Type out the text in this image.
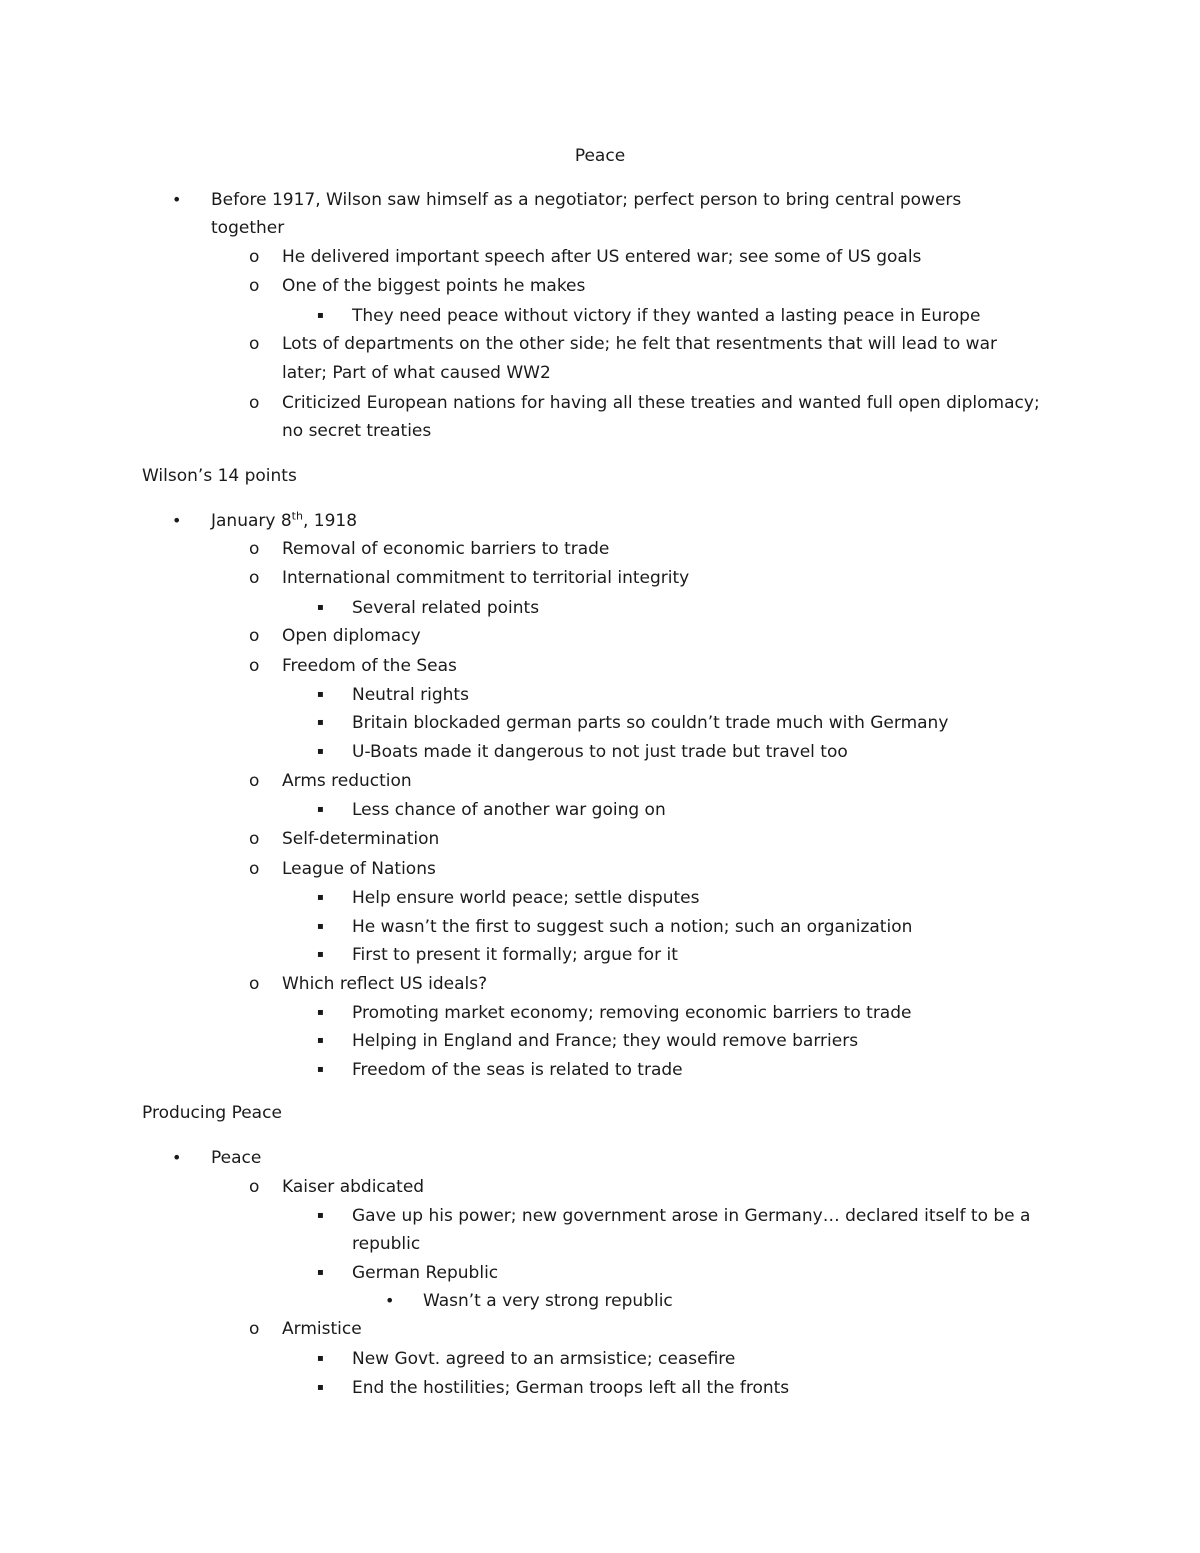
Peace
• Before 1917, Wilson saw himself as a negotiator; perfect person to bring central powers
together
o He delivered important speech after US entered war; see some of US goals
o One of the biggest points he makes
▪ They need peace without victory if they wanted a lasting peace in Europe
o Lots of departments on the other side; he felt that resentments that will lead to war
later; Part of what caused WW2
o Criticized European nations for having all these treaties and wanted full open diplomacy;
no secret treaties
Wilson’s 14 points
• January 8th, 1918
o Removal of economic barriers to trade
o International commitment to territorial integrity
▪ Several related points
o Open diplomacy
o Freedom of the Seas
▪ Neutral rights
▪ Britain blockaded german parts so couldn’t trade much with Germany
▪ U-Boats made it dangerous to not just trade but travel too
o Arms reduction
▪ Less chance of another war going on
o Self-determination
o League of Nations
▪ Help ensure world peace; settle disputes
▪ He wasn’t the first to suggest such a notion; such an organization
▪ First to present it formally; argue for it
o Which reflect US ideals?
▪ Promoting market economy; removing economic barriers to trade
▪ Helping in England and France; they would remove barriers
▪ Freedom of the seas is related to trade
Producing Peace
• Peace
o Kaiser abdicated
▪ Gave up his power; new government arose in Germany… declared itself to be a
republic
▪ German Republic
• Wasn’t a very strong republic
o Armistice
▪ New Govt. agreed to an armsistice; ceasefire
▪ End the hostilities; German troops left all the fronts
